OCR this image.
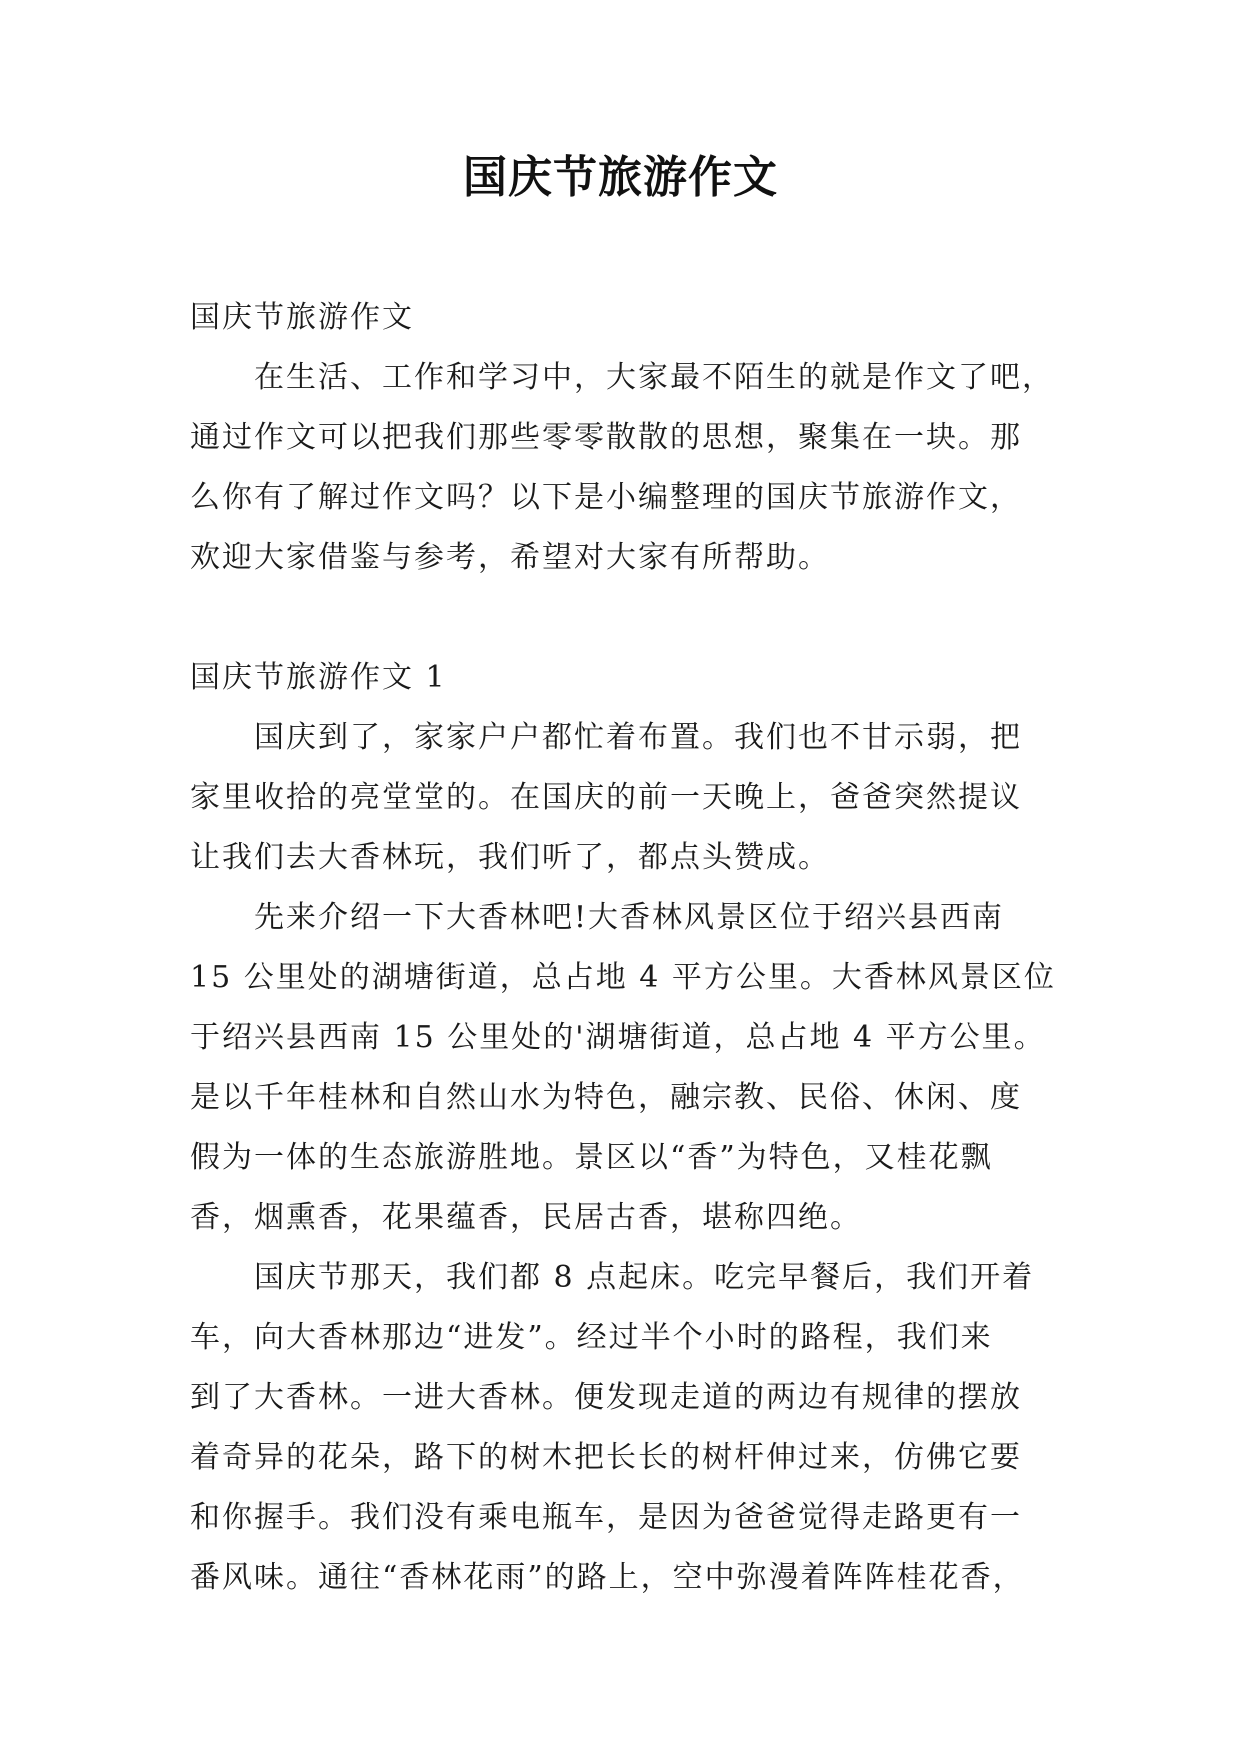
国庆节旅游作文

国庆节旅游作文

在生活、工作和学习中，大家最不陌生的就是作文了吧，
通过作文可以把我们那些零零散散的思想，聚集在一块。那
么你有了解过作文吗？以下是小编整理的国庆节旅游作文，
欢迎大家借鉴与参考，希望对大家有所帮助。

国庆节旅游作文 1

国庆到了，家家户户都忙着布置。我们也不甘示弱，把
家里收拾的亮堂堂的。在国庆的前一天晚上，爸爸突然提议
让我们去大香林玩，我们听了，都点头赞成。

先来介绍一下大香林吧!大香林风景区位于绍兴县西南
15 公里处的湖塘街道，总占地 4 平方公里。大香林风景区位
于绍兴县西南 15 公里处的'湖塘街道，总占地 4 平方公里。
是以千年桂林和自然山水为特色，融宗教、民俗、休闲、度
假为一体的生态旅游胜地。景区以“香”为特色，又桂花飘
香，烟熏香，花果蕴香，民居古香，堪称四绝。

国庆节那天，我们都 8 点起床。吃完早餐后，我们开着
车，向大香林那边“进发”。经过半个小时的路程，我们来
到了大香林。一进大香林。便发现走道的两边有规律的摆放
着奇异的花朵，路下的树木把长长的树杆伸过来，仿佛它要
和你握手。我们没有乘电瓶车，是因为爸爸觉得走路更有一
番风味。通往“香林花雨”的路上，空中弥漫着阵阵桂花香，
